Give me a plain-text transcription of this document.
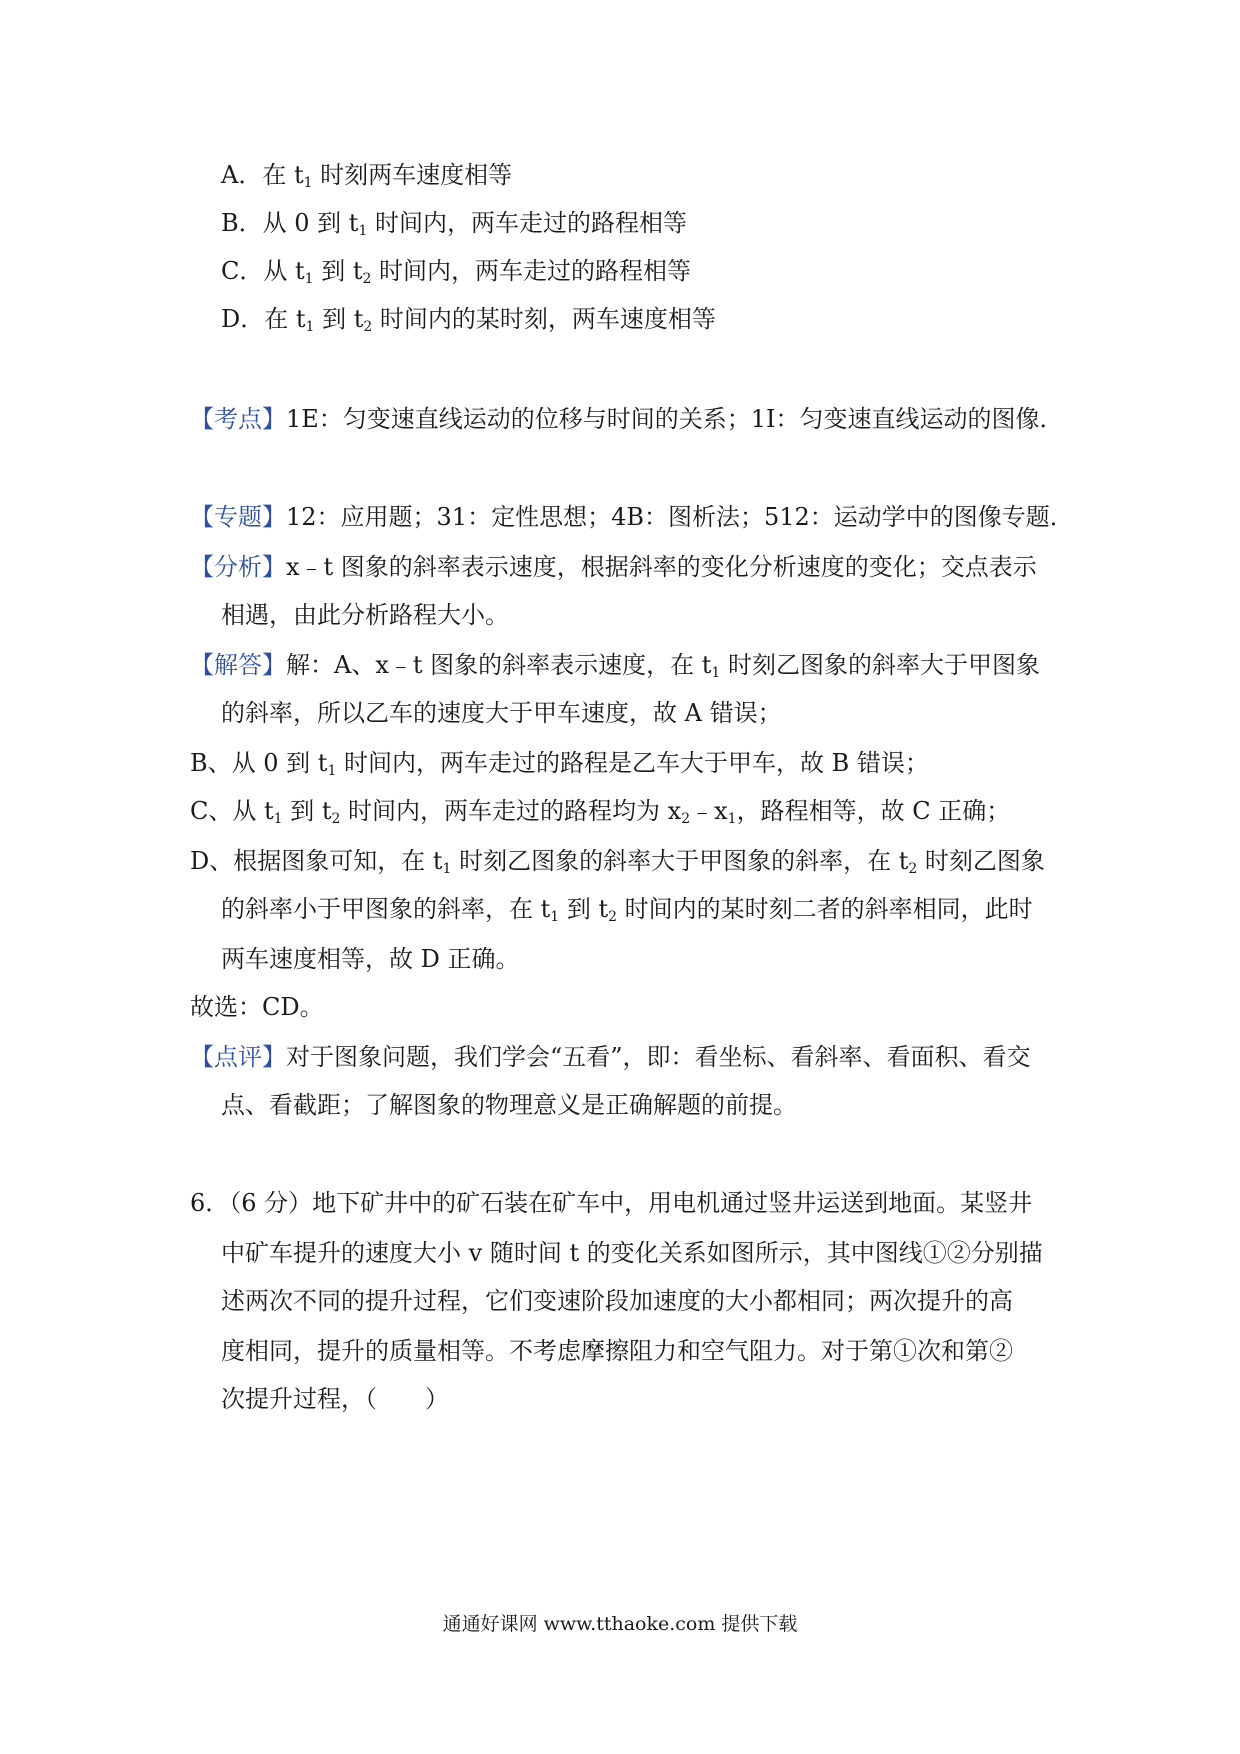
A．在 $t_1$ 时刻两车速度相等
B．从 0 到 $t_1$ 时间内，两车走过的路程相等
C．从 $t_1$ 到 $t_2$ 时间内，两车走过的路程相等
D．在 $t_1$ 到 $t_2$ 时间内的某时刻，两车速度相等
【考点】1E：匀变速直线运动的位移与时间的关系；1I：匀变速直线运动的图像．
【专题】12：应用题；31：定性思想；4B：图析法；512：运动学中的图像专题．
【分析】x﹣t 图象的斜率表示速度，根据斜率的变化分析速度的变化；交点表示
相遇，由此分析路程大小。
【解答】解：A、x﹣t 图象的斜率表示速度，在 $t_1$ 时刻乙图象的斜率大于甲图象
的斜率，所以乙车的速度大于甲车速度，故 A 错误；
B、从 0 到 $t_1$ 时间内，两车走过的路程是乙车大于甲车，故 B 错误；
C、从 $t_1$ 到 $t_2$ 时间内，两车走过的路程均为 $x_2﹣x_1$，路程相等，故 C 正确；
D、根据图象可知，在 $t_1$ 时刻乙图象的斜率大于甲图象的斜率，在 $t_2$ 时刻乙图象
的斜率小于甲图象的斜率，在 $t_1$ 到 $t_2$ 时间内的某时刻二者的斜率相同，此时
两车速度相等，故 D 正确。
故选：CD。
【点评】对于图象问题，我们学会“五看”，即：看坐标、看斜率、看面积、看交
点、看截距；了解图象的物理意义是正确解题的前提。
6．（6 分）地下矿井中的矿石装在矿车中，用电机通过竖井运送到地面。某竖井
中矿车提升的速度大小 v 随时间 t 的变化关系如图所示，其中图线①②分别描
述两次不同的提升过程，它们变速阶段加速度的大小都相同；两次提升的高
度相同，提升的质量相等。不考虑摩擦阻力和空气阻力。对于第①次和第②
次提升过程，（　　）
通通好课网 www.tthaoke.com 提供下载
